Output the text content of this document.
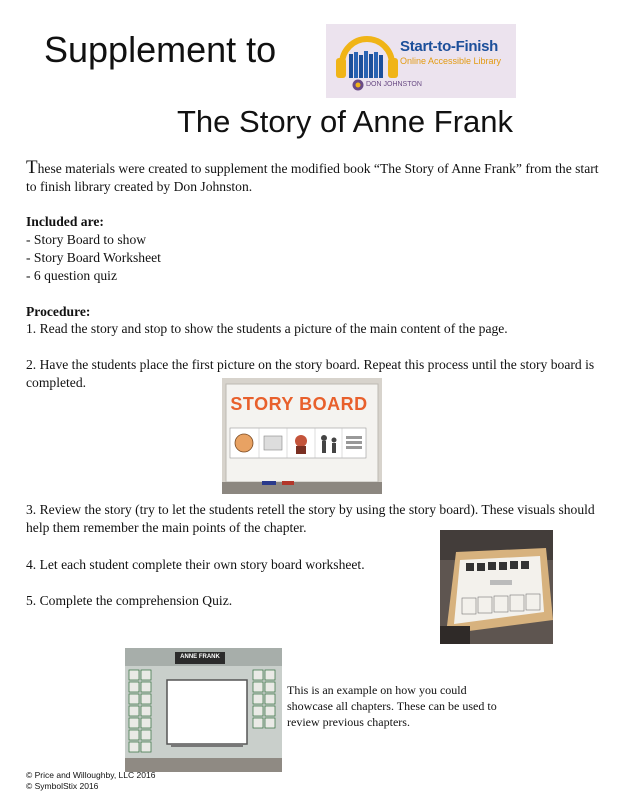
Supplement to	Start-to-Finish
Online Accessible Library
DON JOHNSTON
The Story of Anne Frank
These materials were created to supplement the modified book “The Story of Anne Frank” from the start to finish library created by Don Johnston.
Included are:
- Story Board to show
- Story Board Worksheet
- 6 question quiz
Procedure:
1. Read the story and stop to show the students a picture of the main content of the page.
2. Have the students place the first picture on the story board. Repeat this process until the story board is completed.
3. Review the story (try to let the students retell the story by using the story board). These visuals should help them remember the main points of the chapter.
4. Let each student complete their own story board worksheet.
5. Complete the comprehension Quiz.
STORY BOARD
ANNE FRANK
This is an example on how you could showcase all chapters. These can be used to review previous chapters.
© Price and Willoughby, LLC 2016
© SymbolStix 2016
